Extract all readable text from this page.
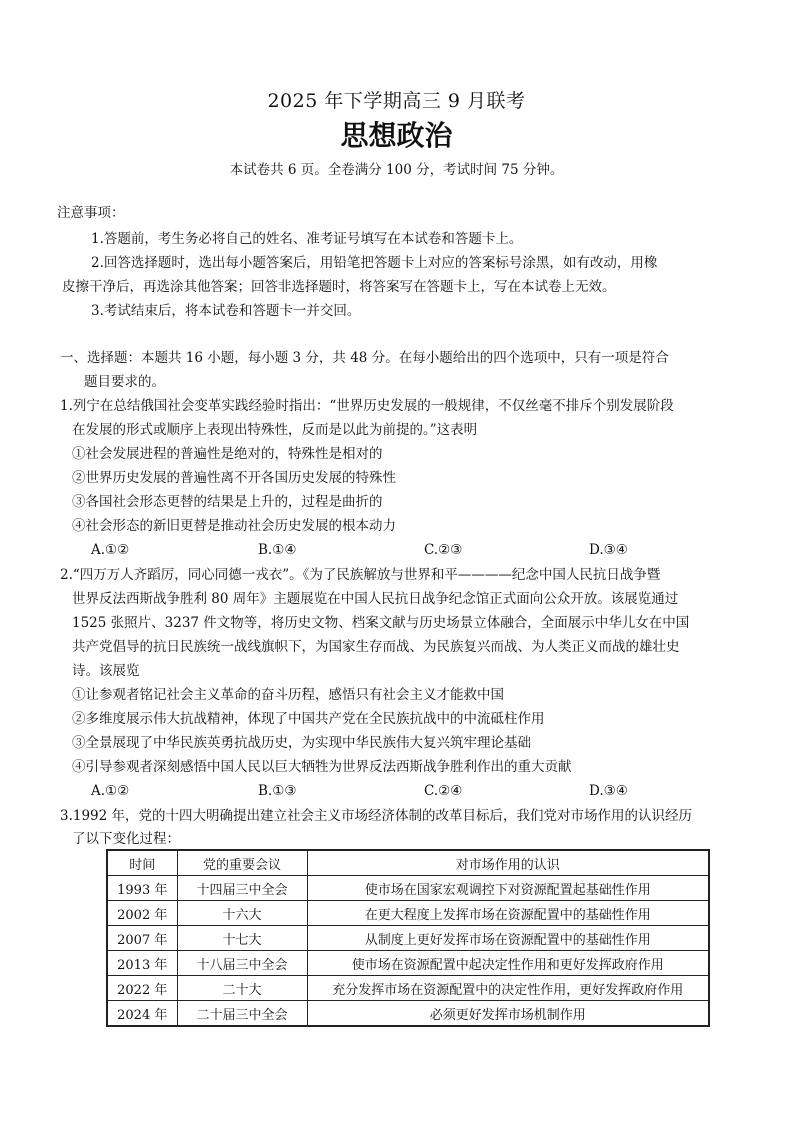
2025 年下学期高三 9 月联考
思想政治
本试卷共 6 页。全卷满分 100 分，考试时间 75 分钟。
注意事项：
1.答题前，考生务必将自己的姓名、准考证号填写在本试卷和答题卡上。
2.回答选择题时，选出每小题答案后，用铅笔把答题卡上对应的答案标号涂黑，如有改动，用橡
皮擦干净后，再选涂其他答案；回答非选择题时，将答案写在答题卡上，写在本试卷上无效。
3.考试结束后，将本试卷和答题卡一并交回。
一、选择题：本题共 16 小题，每小题 3 分，共 48 分。在每小题给出的四个选项中，只有一项是符合
题目要求的。
1.列宁在总结俄国社会变革实践经验时指出：“世界历史发展的一般规律，不仅丝毫不排斥个别发展阶段
在发展的形式或顺序上表现出特殊性，反而是以此为前提的。”这表明
①社会发展进程的普遍性是绝对的，特殊性是相对的
②世界历史发展的普遍性离不开各国历史发展的特殊性
③各国社会形态更替的结果是上升的，过程是曲折的
④社会形态的新旧更替是推动社会历史发展的根本动力
A.①②	B.①④	C.②③	D.③④
2.“四万万人齐蹈厉，同心同德一戎衣”。《为了民族解放与世界和平————纪念中国人民抗日战争暨
世界反法西斯战争胜利 80 周年》主题展览在中国人民抗日战争纪念馆正式面向公众开放。该展览通过
1525 张照片、3237 件文物等，将历史文物、档案文献与历史场景立体融合，全面展示中华儿女在中国
共产党倡导的抗日民族统一战线旗帜下，为国家生存而战、为民族复兴而战、为人类正义而战的雄壮史
诗。该展览
①让参观者铭记社会主义革命的奋斗历程，感悟只有社会主义才能救中国
②多维度展示伟大抗战精神，体现了中国共产党在全民族抗战中的中流砥柱作用
③全景展现了中华民族英勇抗战历史，为实现中华民族伟大复兴筑牢理论基础
④引导参观者深刻感悟中国人民以巨大牺牲为世界反法西斯战争胜利作出的重大贡献
A.①②	B.①③	C.②④	D.③④
3.1992 年，党的十四大明确提出建立社会主义市场经济体制的改革目标后，我们党对市场作用的认识经历
了以下变化过程：
时间	党的重要会议	对市场作用的认识
1993 年	十四届三中全会	使市场在国家宏观调控下对资源配置起基础性作用
2002 年	十六大	在更大程度上发挥市场在资源配置中的基础性作用
2007 年	十七大	从制度上更好发挥市场在资源配置中的基础性作用
2013 年	十八届三中全会	使市场在资源配置中起决定性作用和更好发挥政府作用
2022 年	二十大	充分发挥市场在资源配置中的决定性作用，更好发挥政府作用
2024 年	二十届三中全会	必须更好发挥市场机制作用
